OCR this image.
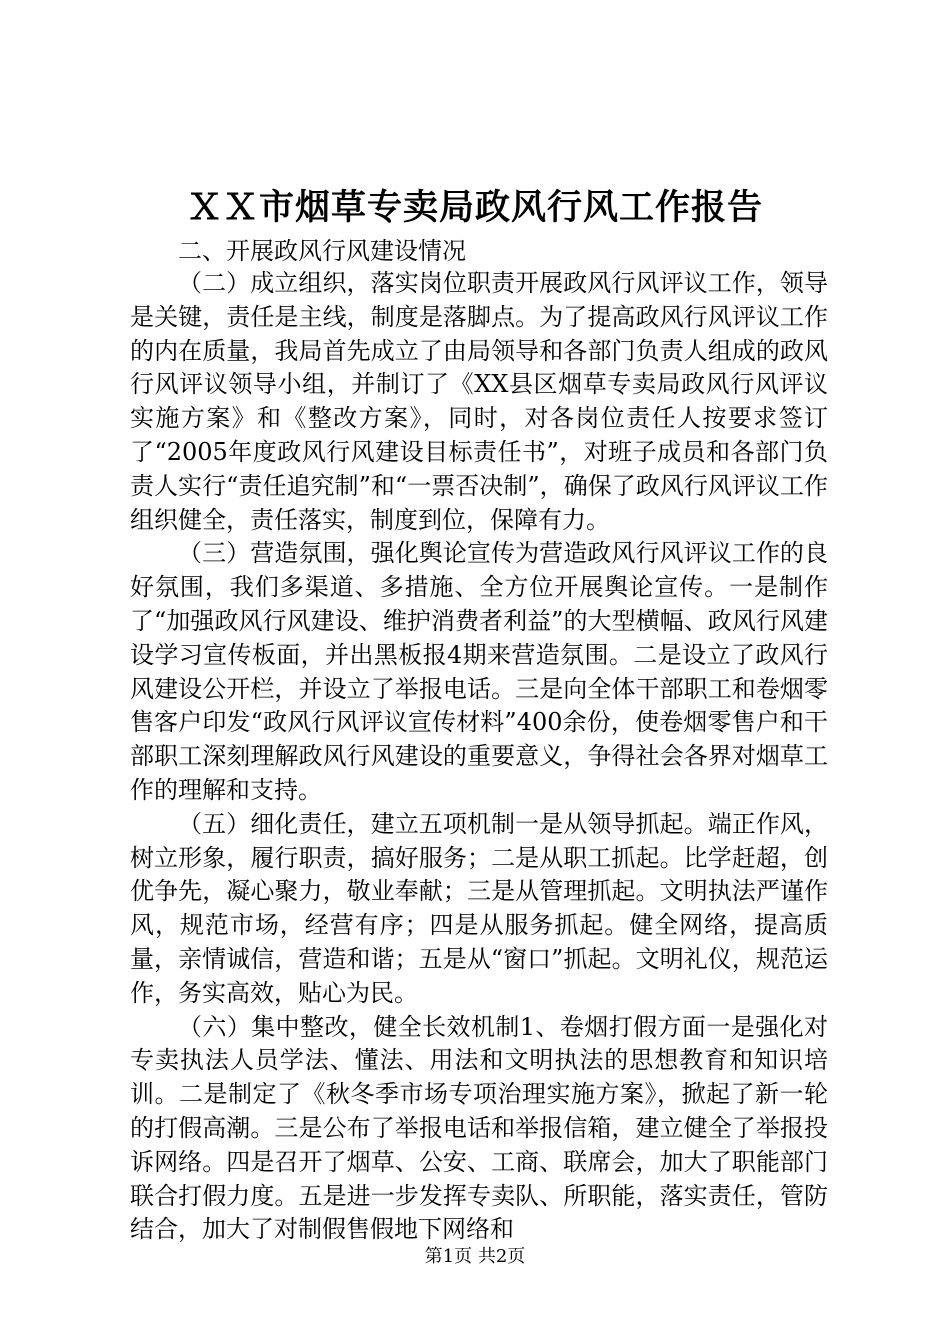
ＸＸ市烟草专卖局政风行风工作报告

二、开展政风行风建设情况

（二）成立组织，落实岗位职责开展政风行风评议工作，领导是关键，责任是主线，制度是落脚点。为了提高政风行风评议工作的内在质量，我局首先成立了由局领导和各部门负责人组成的政风行风评议领导小组，并制订了《XX县区烟草专卖局政风行风评议实施方案》和《整改方案》，同时，对各岗位责任人按要求签订了“2005年度政风行风建设目标责任书”，对班子成员和各部门负责人实行“责任追究制”和“一票否决制”，确保了政风行风评议工作组织健全，责任落实，制度到位，保障有力。

（三）营造氛围，强化舆论宣传为营造政风行风评议工作的良好氛围，我们多渠道、多措施、全方位开展舆论宣传。一是制作了“加强政风行风建设、维护消费者利益”的大型横幅、政风行风建设学习宣传板面，并出黑板报4期来营造氛围。二是设立了政风行风建设公开栏，并设立了举报电话。三是向全体干部职工和卷烟零售客户印发“政风行风评议宣传材料”400余份，使卷烟零售户和干部职工深刻理解政风行风建设的重要意义，争得社会各界对烟草工作的理解和支持。

（五）细化责任，建立五项机制一是从领导抓起。端正作风，树立形象，履行职责，搞好服务；二是从职工抓起。比学赶超，创优争先，凝心聚力，敬业奉献；三是从管理抓起。文明执法严谨作风，规范市场，经营有序；四是从服务抓起。健全网络，提高质量，亲情诚信，营造和谐；五是从“窗口”抓起。文明礼仪，规范运作，务实高效，贴心为民。

（六）集中整改，健全长效机制1、卷烟打假方面一是强化对专卖执法人员学法、懂法、用法和文明执法的思想教育和知识培训。二是制定了《秋冬季市场专项治理实施方案》，掀起了新一轮的打假高潮。三是公布了举报电话和举报信箱，建立健全了举报投诉网络。四是召开了烟草、公安、工商、联席会，加大了职能部门联合打假力度。五是进一步发挥专卖队、所职能，落实责任，管防结合，加大了对制假售假地下网络和

第1页 共2页
